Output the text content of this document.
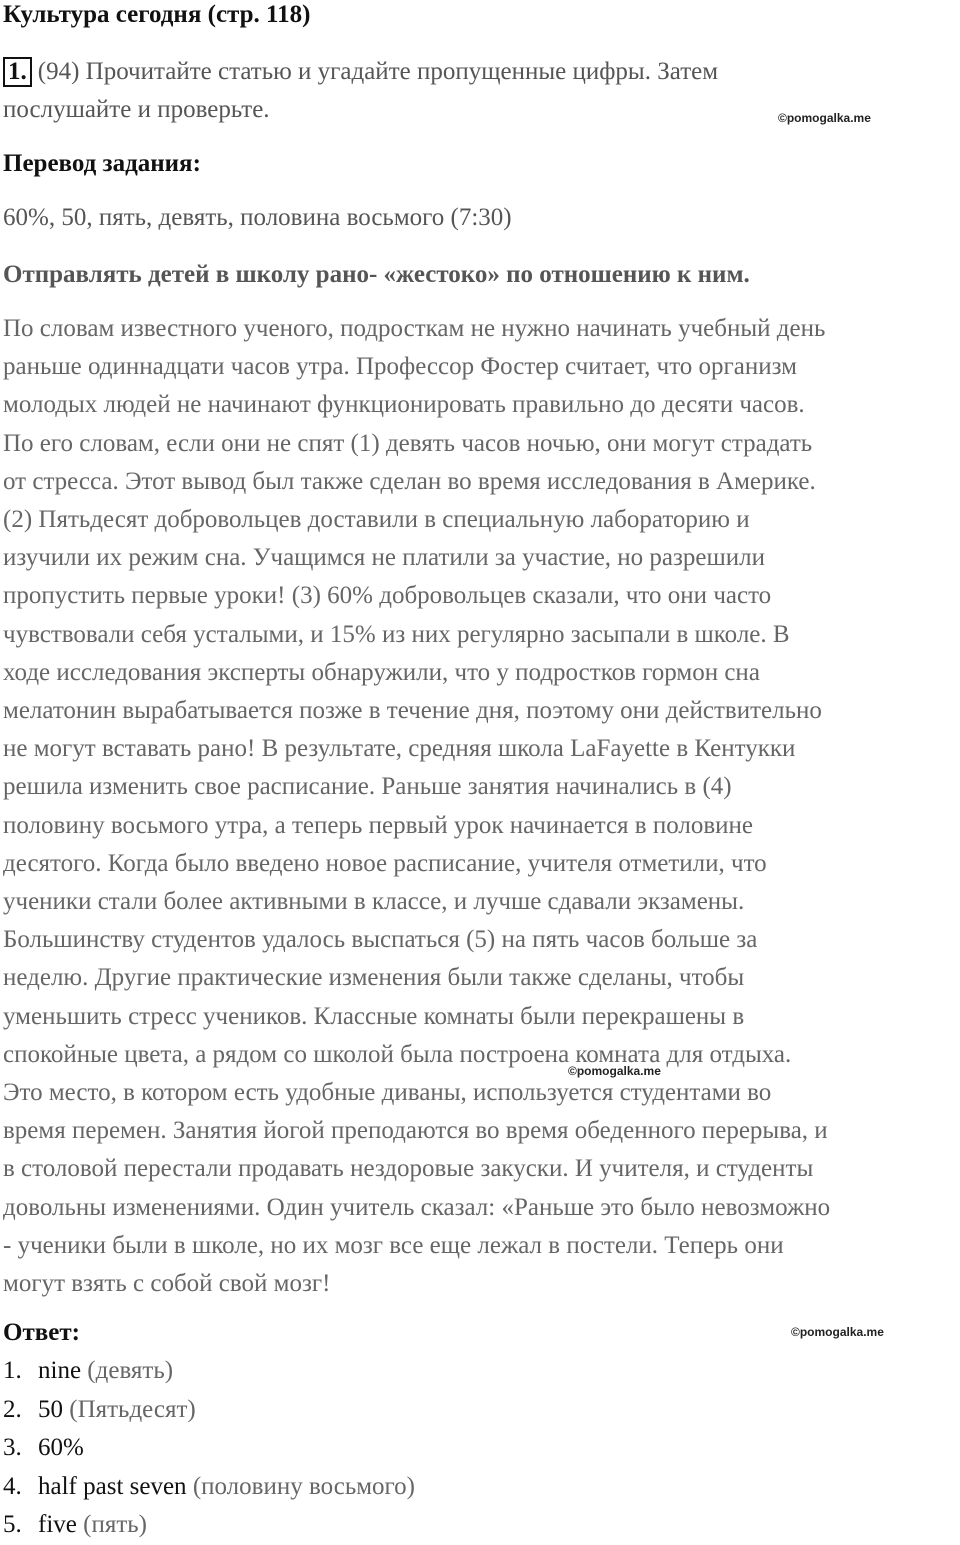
Культура сегодня (стр. 118)
1. (94) Прочитайте статью и угадайте пропущенные цифры. Затем
послушайте и проверьте.	©pomogalka.me
Перевод задания:
60%, 50, пять, девять, половина восьмого (7:30)
Отправлять детей в школу рано- «жестоко» по отношению к ним.
По словам известного ученого, подросткам не нужно начинать учебный день
раньше одиннадцати часов утра. Профессор Фостер считает, что организм
молодых людей не начинают функционировать правильно до десяти часов.
По его словам, если они не спят (1) девять часов ночью, они могут страдать
от стресса. Этот вывод был также сделан во время исследования в Америке.
(2) Пятьдесят добровольцев доставили в специальную лабораторию и
изучили их режим сна. Учащимся не платили за участие, но разрешили
пропустить первые уроки! (3) 60% добровольцев сказали, что они часто
чувствовали себя усталыми, и 15% из них регулярно засыпали в школе. В
ходе исследования эксперты обнаружили, что у подростков гормон сна
мелатонин вырабатывается позже в течение дня, поэтому они действительно
не могут вставать рано! В результате, средняя школа LaFayette в Кентукки
решила изменить свое расписание. Раньше занятия начинались в (4)
половину восьмого утра, а теперь первый урок начинается в половине
десятого. Когда было введено новое расписание, учителя отметили, что
ученики стали более активными в классе, и лучше сдавали экзамены.
Большинству студентов удалось выспаться (5) на пять часов больше за
неделю. Другие практические изменения были также сделаны, чтобы
уменьшить стресс учеников. Классные комнаты были перекрашены в
спокойные цвета, а рядом со школой была построена комната для отдыха.
Это место, в котором есть удобные диваны, используется студентами во
время перемен. Занятия йогой преподаются во время обеденного перерыва, и
в столовой перестали продавать нездоровые закуски. И учителя, и студенты
довольны изменениями. Один учитель сказал: «Раньше это было невозможно
- ученики были в школе, но их мозг все еще лежал в постели. Теперь они
могут взять с собой свой мозг!
©pomogalka.me
Ответ:	©pomogalka.me
1. nine (девять)
2. 50 (Пятьдесят)
3. 60%
4. half past seven (половину восьмого)
5. five (пять)
